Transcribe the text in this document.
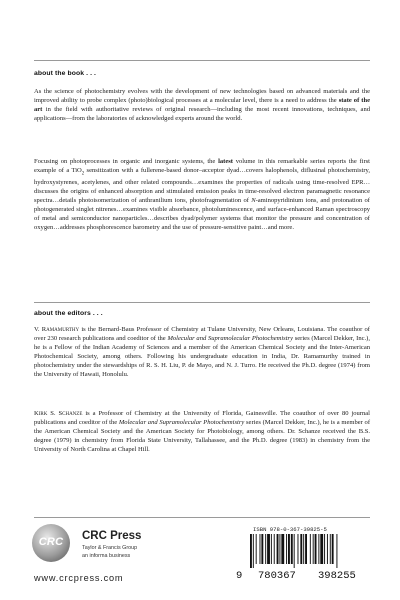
about the book . . .

As the science of photochemistry evolves with the development of new technologies based on advanced materials and the improved ability to probe complex (photo)biological processes at a molecular level, there is a need to address the state of the art in the field with authoritative reviews of original research—including the most recent innovations, techniques, and applications—from the laboratories of acknowledged experts around the world.

Focusing on photoprocesses in organic and inorganic systems, the latest volume in this remarkable series reports the first example of a TiO$_2$ sensitization with a fullerene-based donor–acceptor dyad…covers halophenols, diflusinal photochemistry, hydroxystyrenes, acetylenes, and other related compounds…examines the properties of radicals using time-resolved EPR…discusses the origins of enhanced absorption and stimulated emission peaks in time-resolved electron paramagnetic resonance spectra…details photoisomerization of anthranilium ions, photofragmentation of N-aminopyridinium ions, and protonation of photogenerated singlet nitrenes…examines visible absorbance, photoluminescence, and surface-enhanced Raman spectroscopy of metal and semiconductor nanoparticles…describes dyad/polymer systems that monitor the pressure and concentration of oxygen…addresses phosphorescence barometry and the use of pressure-sensitive paint…and more.

about the editors . . .

V. Ramamurthy is the Bernard-Baus Professor of Chemistry at Tulane University, New Orleans, Louisiana. The coauthor of over 230 research publications and coeditor of the Molecular and Supramolecular Photochemistry series (Marcel Dekker, Inc.), he is a Fellow of the Indian Academy of Sciences and a member of the American Chemical Society and the Inter-American Photochemical Society, among others. Following his undergraduate education in India, Dr. Ramamurthy trained in photochemistry under the stewardships of R. S. H. Liu, P. de Mayo, and N. J. Turro. He received the Ph.D. degree (1974) from the University of Hawaii, Honolulu.

Kirk S. Schanze is a Professor of Chemistry at the University of Florida, Gainesville. The coauthor of over 80 journal publications and coeditor of the Molecular and Supramolecular Photochemistry series (Marcel Dekker, Inc.), he is a member of the American Chemical Society and the American Society for Photobiology, among others. Dr. Schanze received the B.S. degree (1979) in chemistry from Florida State University, Tallahassee, and the Ph.D. degree (1983) in chemistry from the University of North Carolina at Chapel Hill.

CRC	CRC Press
Taylor & Francis Group
an informa business
www.crcpress.com
ISBN 978-0-367-39825-5
9 780367 398255
